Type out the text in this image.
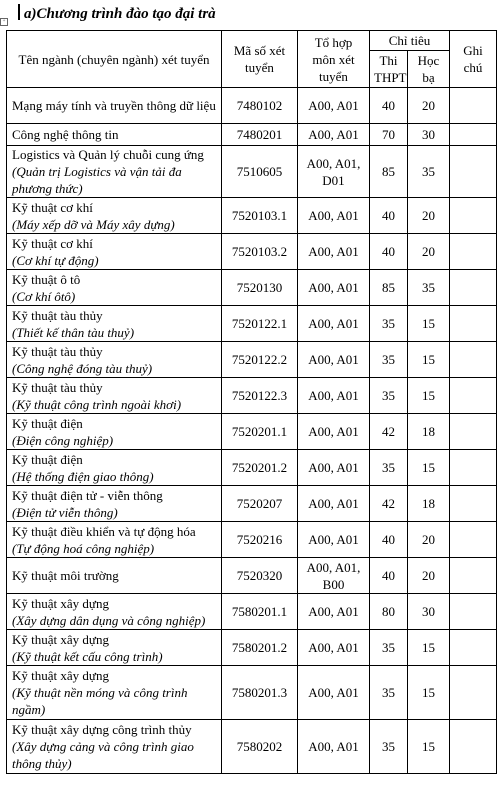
+	a)Chương trình đào tạo đại trà
Tên ngành (chuyên ngành) xét tuyển	Mã số xét tuyển	Tổ hợp môn xét tuyển	Chỉ tiêu		Ghi chú
			Thi THPT	Học bạ	
Mạng máy tính và truyền thông dữ liệu	7480102	A00, A01	40	20	
Công nghệ thông tin	7480201	A00, A01	70	30	
Logistics và Quản lý chuỗi cung ứng
(Quản trị Logistics và vận tải đa phương thức)	7510605	A00, A01, D01	85	35	
Kỹ thuật cơ khí
(Máy xếp dỡ và Máy xây dựng)	7520103.1	A00, A01	40	20	
Kỹ thuật cơ khí
(Cơ khí tự động)	7520103.2	A00, A01	40	20	
Kỹ thuật ô tô
(Cơ khí ôtô)	7520130	A00, A01	85	35	
Kỹ thuật tàu thủy
(Thiết kế thân tàu thuỷ)	7520122.1	A00, A01	35	15	
Kỹ thuật tàu thủy
(Công nghệ đóng tàu thuỷ)	7520122.2	A00, A01	35	15	
Kỹ thuật tàu thủy
(Kỹ thuật công trình ngoài khơi)	7520122.3	A00, A01	35	15	
Kỹ thuật điện
(Điện công nghiệp)	7520201.1	A00, A01	42	18	
Kỹ thuật điện
(Hệ thống điện giao thông)	7520201.2	A00, A01	35	15	
Kỹ thuật điện tử - viễn thông
(Điện tử viễn thông)	7520207	A00, A01	42	18	
Kỹ thuật điều khiển và tự động hóa
(Tự động hoá công nghiệp)	7520216	A00, A01	40	20	
Kỹ thuật môi trường	7520320	A00, A01, B00	40	20	
Kỹ thuật xây dựng
(Xây dựng dân dụng và công nghiệp)	7580201.1	A00, A01	80	30	
Kỹ thuật xây dựng
(Kỹ thuật kết cấu công trình)	7580201.2	A00, A01	35	15	
Kỹ thuật xây dựng
(Kỹ thuật nền móng và công trình ngầm)	7580201.3	A00, A01	35	15	
Kỹ thuật xây dựng công trình thủy
(Xây dựng cảng và công trình giao thông thủy)	7580202	A00, A01	35	15	
